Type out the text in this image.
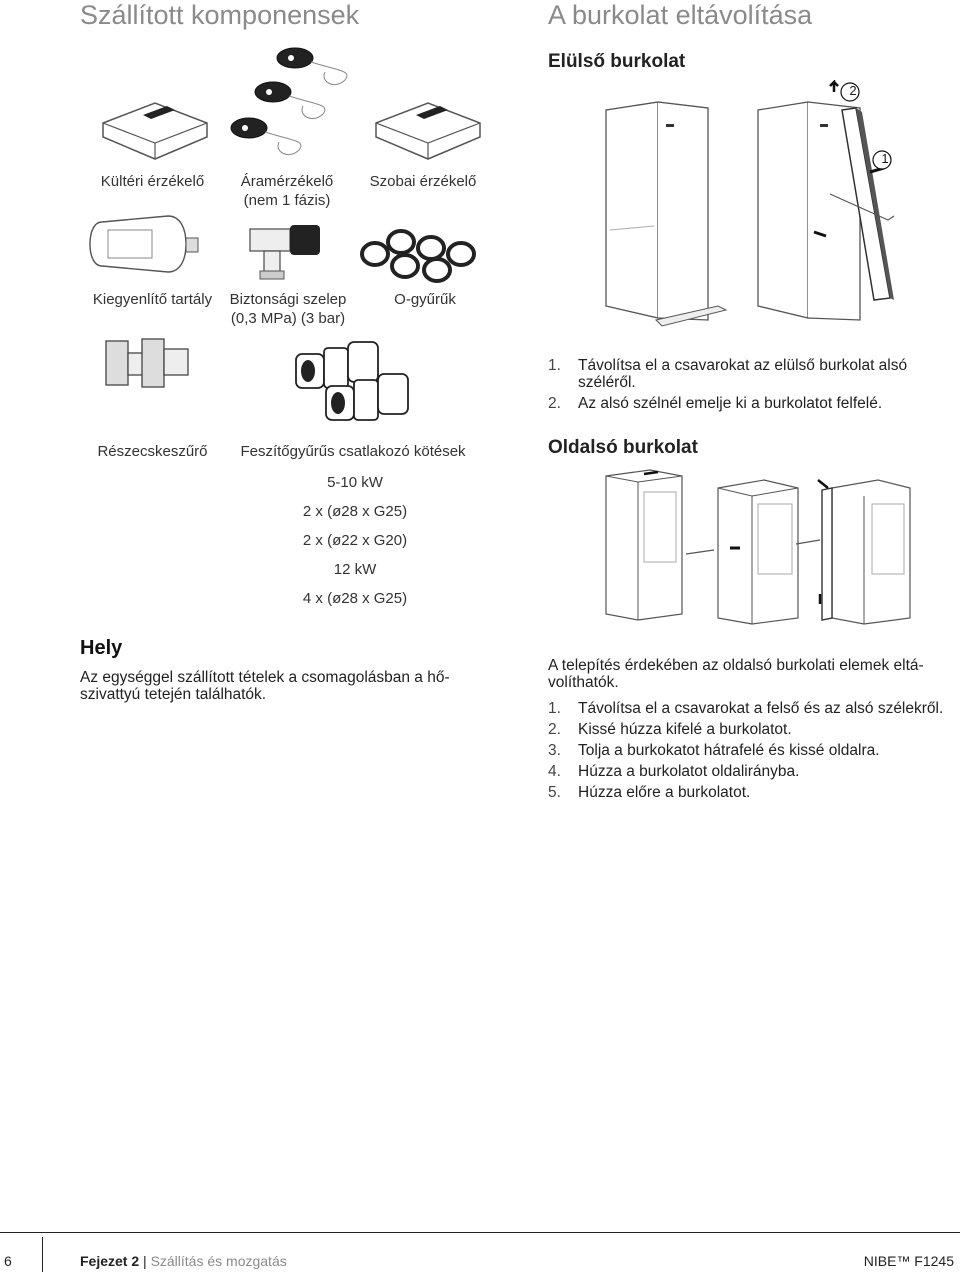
Szállított komponensek
Kültéri érzékelő	Áramérzékelő
(nem 1 fázis)
Szobai érzékelő
Kiegyenlítő tartály	Biztonsági szelep
(0,3 MPa) (3 bar)
O-gyűrűk
Részecskeszűrő	Feszítőgyűrűs csatlakozó kötések
5-10 kW
2 x (ø28 x G25)
2 x (ø22 x G20)
12 kW
4 x (ø28 x G25)
Hely
Az egységgel szállított tételek a csomagolásban a hő-
szivattyú tetején találhatók.
A burkolat eltávolítása
Elülső burkolat
2
1
1.	Távolítsa el a csavarokat az elülső burkolat alsó széléről.
2.	Az alsó szélnél emelje ki a burkolatot felfelé.
Oldalsó burkolat
A telepítés érdekében az oldalsó burkolati elemek eltá-
volíthatók.
1.	Távolítsa el a csavarokat a felső és az alsó szélekről.
2.	Kissé húzza kifelé a burkolatot.
3.	Tolja a burkokatot hátrafelé és kissé oldalra.
4.	Húzza a burkolatot oldalirányba.
5.	Húzza előre a burkolatot.
6	Fejezet 2 | Szállítás és mozgatás	NIBE™ F1245
